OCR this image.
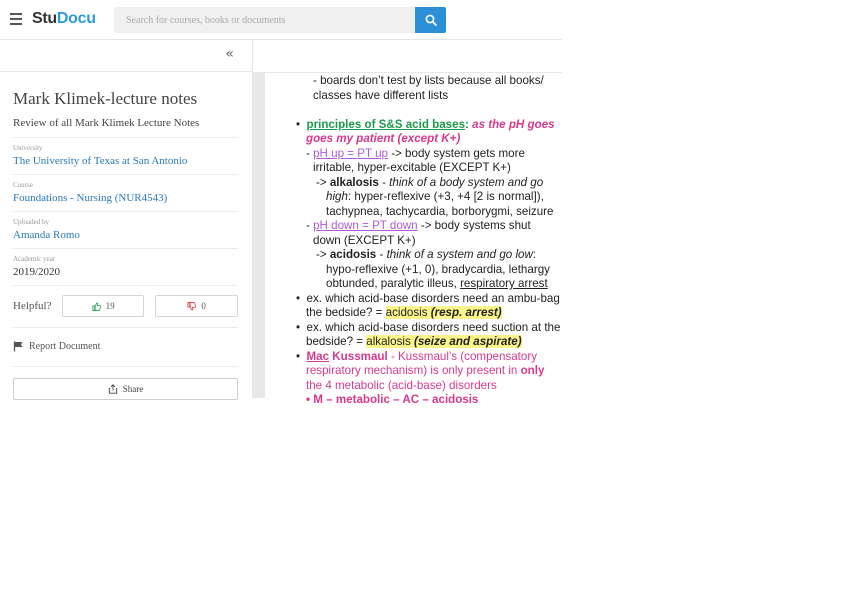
StuDocu
Search for courses, books or documents
«
Mark Klimek-lecture notes
Review of all Mark Klimek Lecture Notes
University
The University of Texas at San Antonio
Course
Foundations - Nursing (NUR4543)
Uploaded by
Amanda Romo
Academic year
2019/2020
Helpful?	19	0
Report Document
Share
- boards don’t test by lists because all books/
classes have different lists
•  principles of S&S acid bases: as the pH goes
goes my patient (except K+)
- pH up = PT up -> body system gets more
irritable, hyper-excitable (EXCEPT K+)
-> alkalosis - think of a body system and go
high: hyper-reflexive (+3, +4 [2 is normal]),
tachypnea, tachycardia, borborygmi, seizure
- pH down = PT down -> body systems shut
down (EXCEPT K+)
-> acidosis - think of a system and go low:
hypo-reflexive (+1, 0), bradycardia, lethargy
obtunded, paralytic illeus, respiratory arrest
•  ex. which acid-base disorders need an ambu-bag
the bedside? = acidosis (resp. arrest)
•  ex. which acid-base disorders need suction at the
bedside? = alkalosis (seize and aspirate)
•  Mac Kussmaul - Kussmaul’s (compensatory
respiratory mechanism) is only present in only
the 4 metabolic (acid-base) disorders
• M – metabolic – AC – acidosis
